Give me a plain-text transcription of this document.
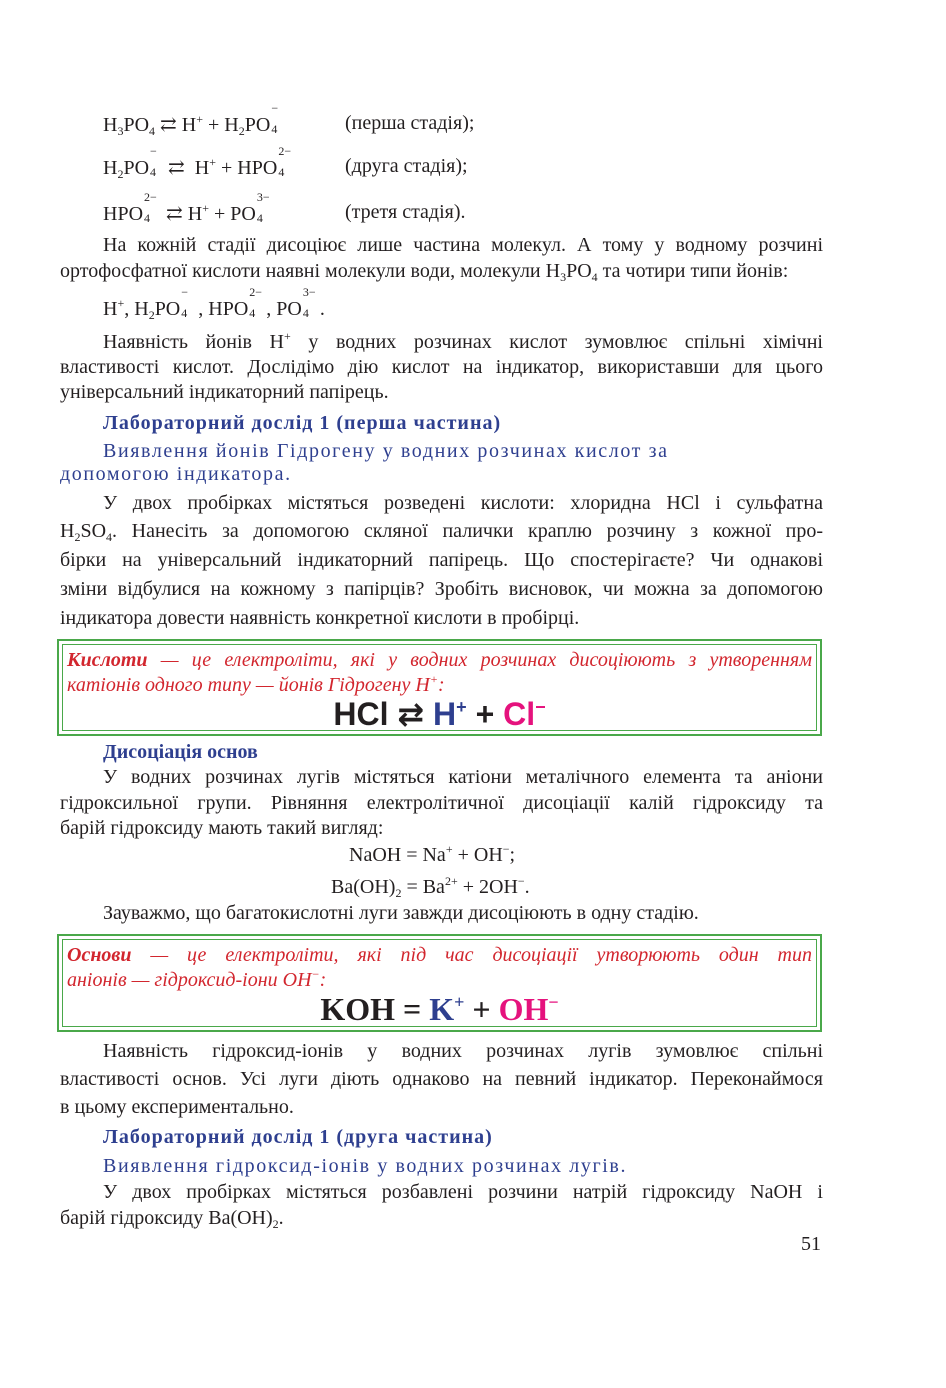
$H_3PO_4$ ⇄ $H^+ + H_2PO$
−
4	(перша стадія);
$H_2PO$
−
4 ⇄  H+ + HPO
2−
4	(друга стадія);
HPO
2−
4 ⇄ H+ + PO
3−
4	(третя стадія).
На кожній стадії дисоціює лише частина молекул. А тому у водному розчині
ортофосфатної кислоти наявні молекули води, молекули $H_3PO_4$ та чотири типи йонів:
H+, $H_2PO$
−
4 , HPO
2−
4 , PO
3−
4 .
Наявність йонів H+ у водних розчинах кислот зумовлює спільні хімічні
властивості кислот. Дослідімо дію кислот на індикатор, використавши для цього
універсальний індикаторний папірець.
Лабораторний дослід 1 (перша частина)
Виявлення йонів Гідрогену у водних розчинах кислот за
допомогою індикатора.
У двох пробірках містяться розведені кислоти: хлоридна HCl і сульфатна
$H_2SO_4$. Нанесіть за допомогою скляної палички краплю розчину з кожної про-
бірки на універсальний індикаторний папірець. Що спостерігаєте? Чи однакові
зміни відбулися на кожному з папірців? Зробіть висновок, чи можна за допомогою
індикатора довести наявність конкретної кислоти в пробірці.
Кислоти — це електроліти, які у водних розчинах дисоціюють з утворенням
катіонів одного типу — йонів Гідрогену H+:
HCl ⇄ H+ + Cl−
Дисоціація основ
У водних розчинах лугів містяться катіони металічного елемента та аніони
гідроксильної групи. Рівняння електролітичної дисоціації калій гідроксиду та
барій гідроксиду мають такий вигляд:
NaOH = Na+ + OH−;
$Ba(OH)_2 = Ba^{2+} + 2OH^-$.
Зауважмо, що багатокислотні луги завжди дисоціюють в одну стадію.
Основи — це електроліти, які під час дисоціації утворюють один тип
аніонів — гідроксид-іони OH−:
KOH = K+ + OH−
Наявність гідроксид-іонів у водних розчинах лугів зумовлює спільні
властивості основ. Усі луги діють однаково на певний індикатор. Переконаймося
в цьому експериментально.
Лабораторний дослід 1 (друга частина)
Виявлення гідроксид-іонів у водних розчинах лугів.
У двох пробірках містяться розбавлені розчини натрій гідроксиду NaOH і
барій гідроксиду $Ba(OH)_2$.
51
